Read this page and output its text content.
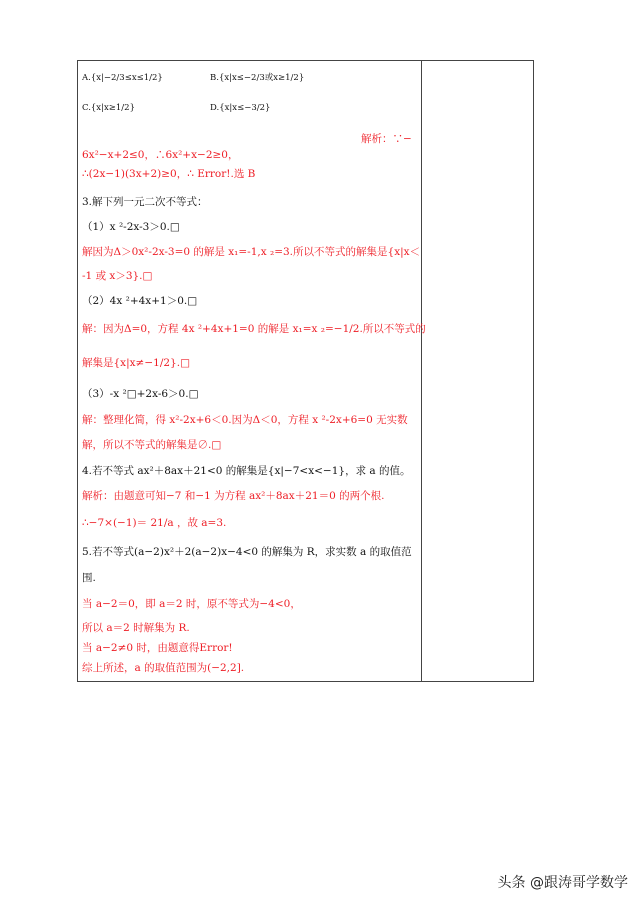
A.{x|−2/3≤x≤1/2}	B.{x|x≤−2/3或x≥1/2}
C.{x|x≥1/2}	D.{x|x≤−3/2}
解析：∵−
6x²−x+2≤0，∴6x²+x−2≥0，
∴(2x−1)(3x+2)≥0，∴ Error!.选 B
3.解下列一元二次不等式：
（1）x ²-2x-3＞0.□
解因为Δ＞0x²-2x-3=0 的解是 x₁=-1,x ₂=3.所以不等式的解集是{x|x＜
-1 或 x＞3}.□
（2）4x ²+4x+1＞0.□
解：因为Δ=0，方程 4x ²+4x+1=0 的解是 x₁=x ₂=−1/2.所以不等式的
解集是{x|x≠−1/2}.□
（3）-x ²□+2x-6＞0.□
解：整理化简，得 x²-2x+6＜0.因为Δ＜0，方程 x ²-2x+6=0 无实数
解，所以不等式的解集是∅.□
4.若不等式 ax²＋8ax＋21<0 的解集是{x|−7<x<−1}，求 a 的值。
解析：由题意可知−7 和−1 为方程 ax²＋8ax＋21＝0 的两个根.
∴−7×(−1)＝ 21/a ，故 a=3.
5.若不等式(a−2)x²＋2(a−2)x−4<0 的解集为 R，求实数 a 的取值范
围.
当 a−2＝0，即 a＝2 时，原不等式为−4<0，
所以 a＝2 时解集为 R.
当 a−2≠0 时，由题意得Error!
综上所述，a 的取值范围为(−2,2].
头条 @跟涛哥学数学
